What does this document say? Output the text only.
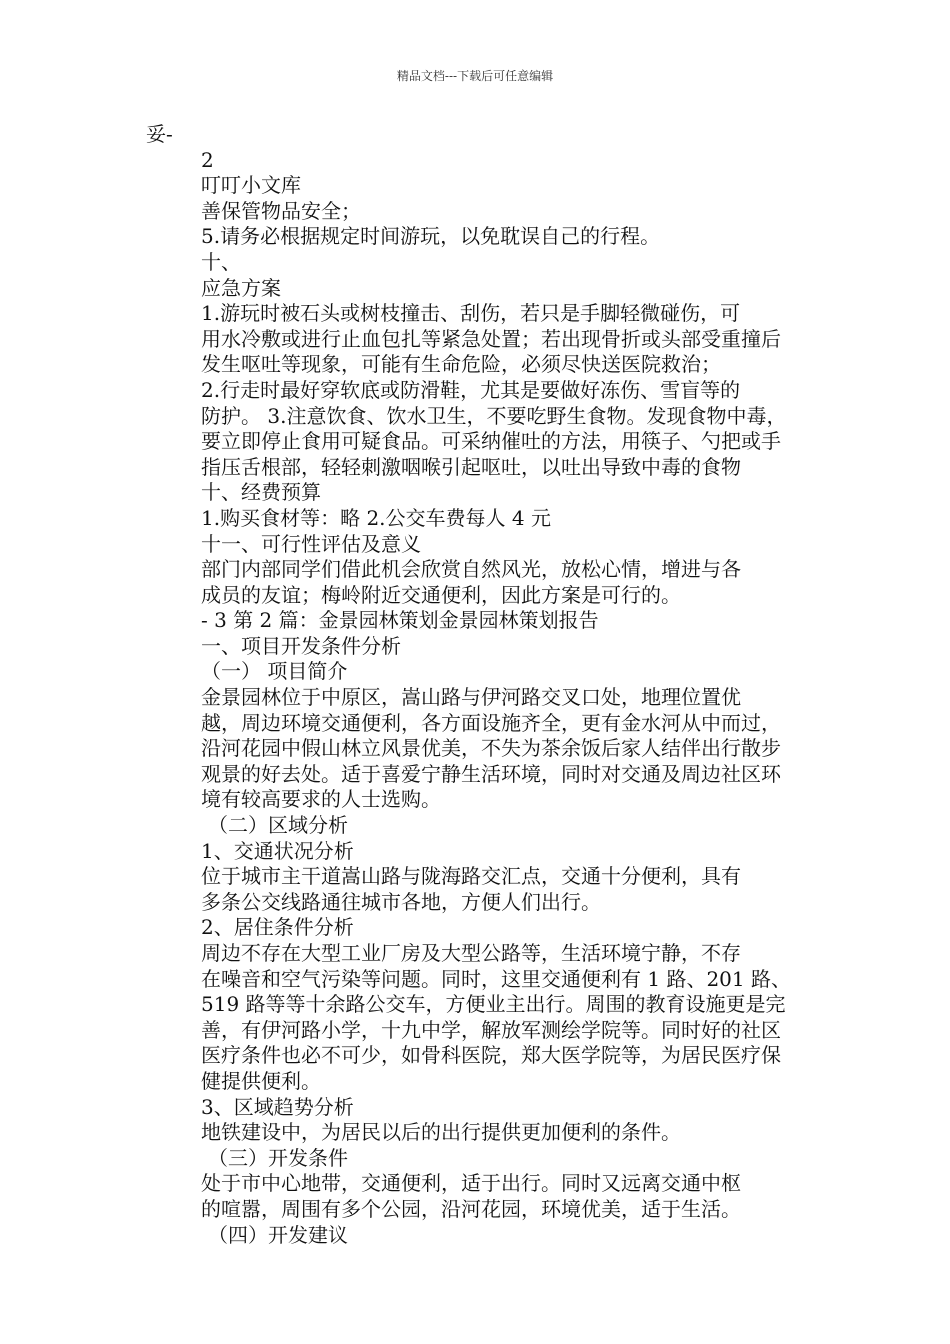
精品文档---下载后可任意编辑
妥-
2
叮叮小文库
善保管物品安全；
5.请务必根据规定时间游玩，以免耽误自己的行程。
十、
应急方案
1.游玩时被石头或树枝撞击、刮伤，若只是手脚轻微碰伤，可
用水冷敷或进行止血包扎等紧急处置；若出现骨折或头部受重撞后
发生呕吐等现象，可能有生命危险，必须尽快送医院救治；
2.行走时最好穿软底或防滑鞋，尤其是要做好冻伤、雪盲等的
防护。 3.注意饮食、饮水卫生，不要吃野生食物。发现食物中毒，
要立即停止食用可疑食品。可采纳催吐的方法，用筷子、勺把或手
指压舌根部，轻轻刺激咽喉引起呕吐，以吐出导致中毒的食物
十、经费预算
1.购买食材等：略 2.公交车费每人 4 元
十一、可行性评估及意义
部门内部同学们借此机会欣赏自然风光，放松心情，增进与各
成员的友谊；梅岭附近交通便利，因此方案是可行的。
- 3 第 2 篇：金景园林策划金景园林策划报告
一、项目开发条件分析
（一） 项目简介
金景园林位于中原区，嵩山路与伊河路交叉口处，地理位置优
越，周边环境交通便利，各方面设施齐全，更有金水河从中而过，
沿河花园中假山林立风景优美，不失为茶余饭后家人结伴出行散步
观景的好去处。适于喜爱宁静生活环境，同时对交通及周边社区环
境有较高要求的人士选购。
（二）区域分析
1、交通状况分析
位于城市主干道嵩山路与陇海路交汇点，交通十分便利，具有
多条公交线路通往城市各地，方便人们出行。
2、居住条件分析
周边不存在大型工业厂房及大型公路等，生活环境宁静，不存
在噪音和空气污染等问题。同时，这里交通便利有 1 路、201 路、
519 路等等十余路公交车，方便业主出行。周围的教育设施更是完
善，有伊河路小学，十九中学，解放军测绘学院等。同时好的社区
医疗条件也必不可少，如骨科医院，郑大医学院等，为居民医疗保
健提供便利。
3、区域趋势分析
地铁建设中，为居民以后的出行提供更加便利的条件。
（三）开发条件
处于市中心地带，交通便利，适于出行。同时又远离交通中枢
的喧嚣，周围有多个公园，沿河花园，环境优美，适于生活。
（四）开发建议
